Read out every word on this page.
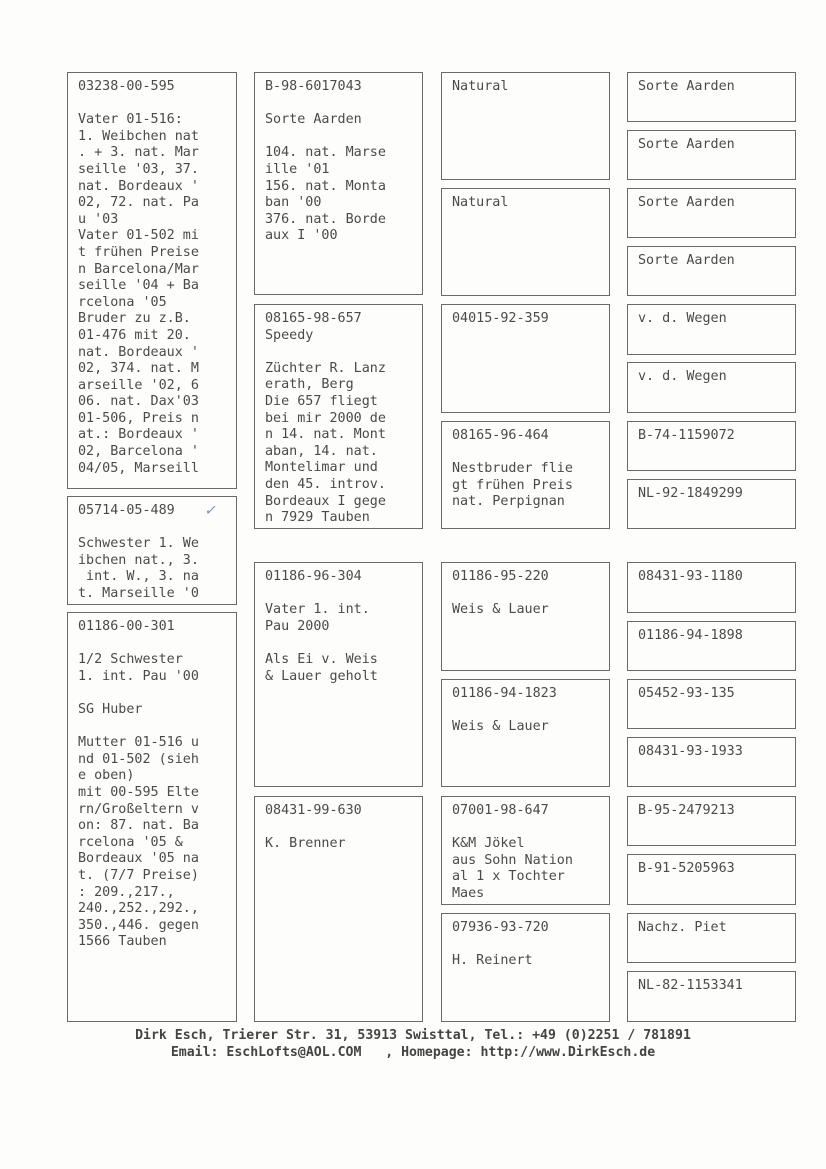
03238-00-595
Vater 01-516:
1. Weibchen nat
. + 3. nat. Mar
seille '03, 37.
nat. Bordeaux '
02, 72. nat. Pa
u '03
Vater 01-502 mi
t frühen Preise
n Barcelona/Mar
seille '04 + Ba
rcelona '05
Bruder zu z.B.
01-476 mit 20.
nat. Bordeaux '
02, 374. nat. M
arseille '02, 6
06. nat. Dax'03
01-506, Preis n
at.: Bordeaux '
02, Barcelona '
04/05, Marseill
✓
05714-05-489
Schwester 1. We
ibchen nat., 3.
int. W., 3. na
t. Marseille '0
01186-00-301
1/2 Schwester
1. int. Pau '00
SG Huber
Mutter 01-516 u
nd 01-502 (sieh
e oben)
mit 00-595 Elte
rn/Großeltern v
on: 87. nat. Ba
rcelona '05 &
Bordeaux '05 na
t. (7/7 Preise)
: 209.,217.,
240.,252.,292.,
350.,446. gegen
1566 Tauben
B-98-6017043
Sorte Aarden
104. nat. Marse
ille '01
156. nat. Monta
ban '00
376. nat. Borde
aux I '00
08165-98-657
Speedy
Züchter R. Lanz
erath, Berg
Die 657 fliegt
bei mir 2000 de
n 14. nat. Mont
aban, 14. nat.
Montelimar und
den 45. introv.
Bordeaux I gege
n 7929 Tauben
01186-96-304
Vater 1. int.
Pau 2000
Als Ei v. Weis
& Lauer geholt
08431-99-630
K. Brenner
Natural
Natural
04015-92-359
08165-96-464
Nestbruder flie
gt frühen Preis
nat. Perpignan
01186-95-220
Weis & Lauer
01186-94-1823
Weis & Lauer
07001-98-647
K&M Jökel
aus Sohn Nation
al 1 x Tochter
Maes
07936-93-720
H. Reinert
Sorte Aarden
Sorte Aarden
Sorte Aarden
Sorte Aarden
v. d. Wegen
v. d. Wegen
B-74-1159072
NL-92-1849299
08431-93-1180
01186-94-1898
05452-93-135
08431-93-1933
B-95-2479213
B-91-5205963
Nachz. Piet
NL-82-1153341
Dirk Esch, Trierer Str. 31, 53913 Swisttal, Tel.: +49 (0)2251 / 781891
Email: EschLofts@AOL.COM   , Homepage: http://www.DirkEsch.de
